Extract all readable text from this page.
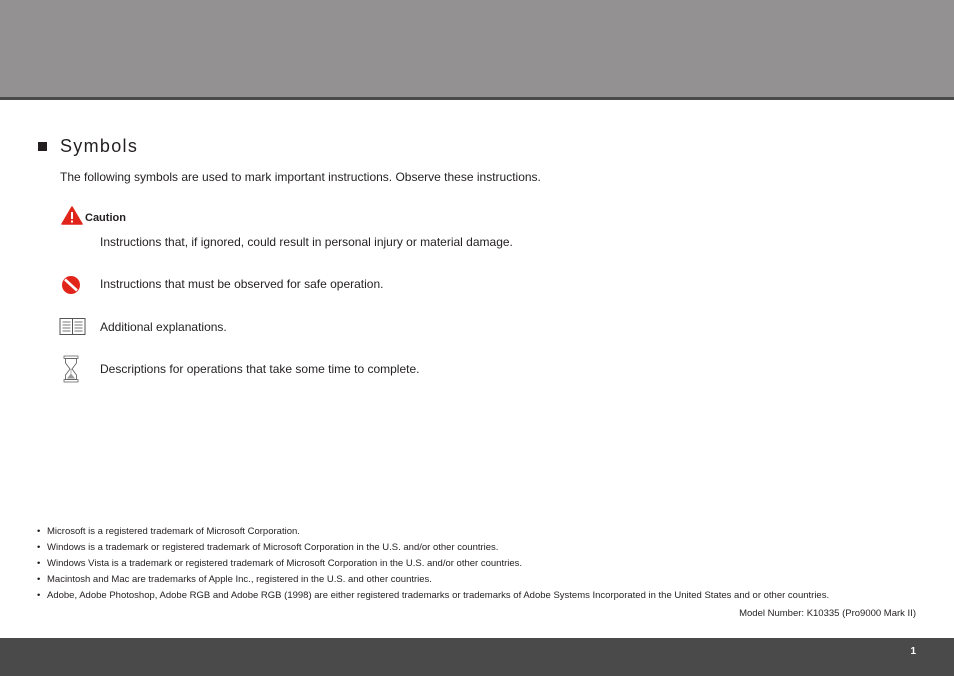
Symbols
The following symbols are used to mark important instructions. Observe these instructions.
Caution
Instructions that, if ignored, could result in personal injury or material damage.
Instructions that must be observed for safe operation.
Additional explanations.
Descriptions for operations that take some time to complete.
• Microsoft is a registered trademark of Microsoft Corporation.
• Windows is a trademark or registered trademark of Microsoft Corporation in the U.S. and/or other countries.
• Windows Vista is a trademark or registered trademark of Microsoft Corporation in the U.S. and/or other countries.
• Macintosh and Mac are trademarks of Apple Inc., registered in the U.S. and other countries.
• Adobe, Adobe Photoshop, Adobe RGB and Adobe RGB (1998) are either registered trademarks or trademarks of Adobe Systems Incorporated in the United States and or other countries.
Model Number: K10335 (Pro9000 Mark II)
1
